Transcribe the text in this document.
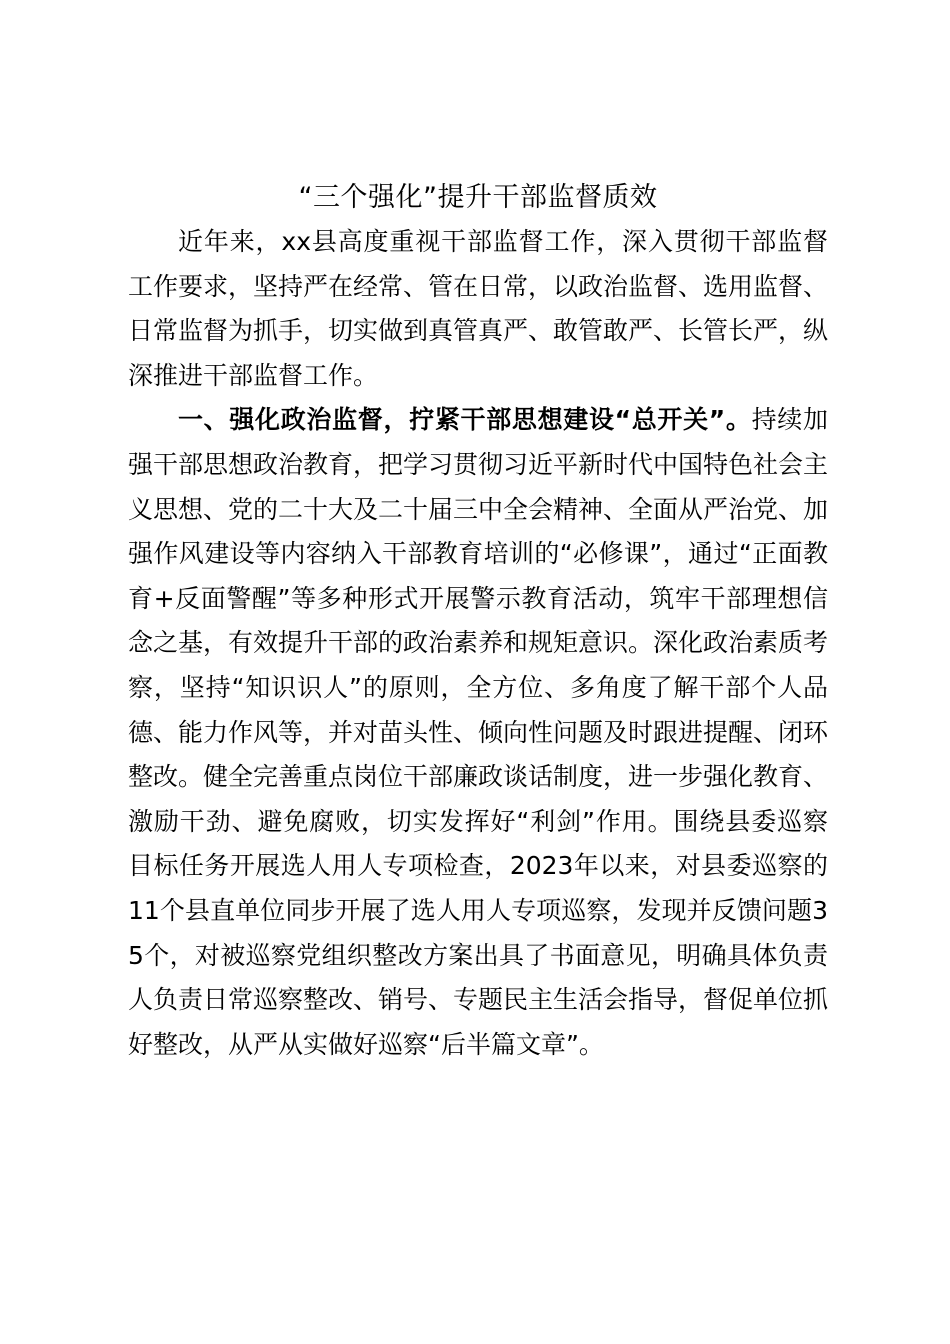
“三个强化”提升干部监督质效

近年来，xx县高度重视干部监督工作，深入贯彻干部监督工作要求，坚持严在经常、管在日常，以政治监督、选用监督、日常监督为抓手，切实做到真管真严、敢管敢严、长管长严，纵深推进干部监督工作。

一、强化政治监督，拧紧干部思想建设“总开关”。持续加强干部思想政治教育，把学习贯彻习近平新时代中国特色社会主义思想、党的二十大及二十届三中全会精神、全面从严治党、加强作风建设等内容纳入干部教育培训的“必修课”，通过“正面教育+反面警醒”等多种形式开展警示教育活动，筑牢干部理想信念之基，有效提升干部的政治素养和规矩意识。深化政治素质考察，坚持“知识识人”的原则，全方位、多角度了解干部个人品德、能力作风等，并对苗头性、倾向性问题及时跟进提醒、闭环整改。健全完善重点岗位干部廉政谈话制度，进一步强化教育、激励干劲、避免腐败，切实发挥好“利剑”作用。围绕县委巡察目标任务开展选人用人专项检查，2023年以来，对县委巡察的11个县直单位同步开展了选人用人专项巡察，发现并反馈问题35个，对被巡察党组织整改方案出具了书面意见，明确具体负责人负责日常巡察整改、销号、专题民主生活会指导，督促单位抓好整改，从严从实做好巡察“后半篇文章”。
